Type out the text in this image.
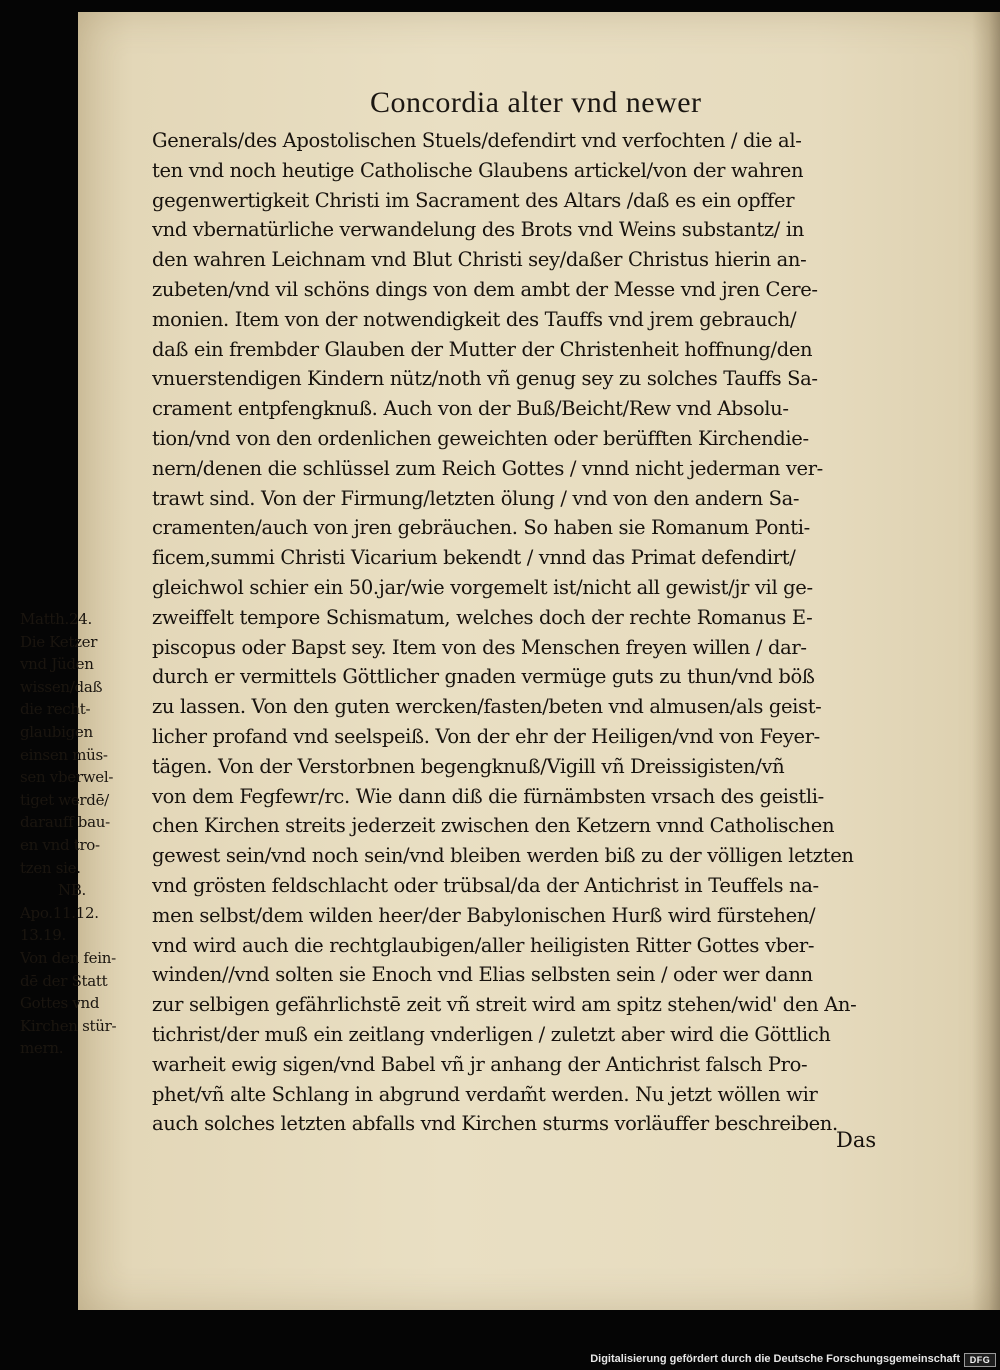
Concordia alter vnd newer
Generals/des Apostolischen Stuels/defendirt vnd verfochten / die al-
ten vnd noch heutige Catholische Glaubens artickel/von der wahren
gegenwertigkeit Christi im Sacrament des Altars /daß es ein opffer
vnd vbernatürliche verwandelung des Brots vnd Weins substantz/ in
den wahren Leichnam vnd Blut Christi sey/daßer Christus hierin an-
zubeten/vnd vil schöns dings von dem ambt der Messe vnd jren Cere-
monien. Item von der notwendigkeit des Tauffs vnd jrem gebrauch/
daß ein frembder Glauben der Mutter der Christenheit hoffnung/den
vnuerstendigen Kindern nütz/noth vñ genug sey zu solches Tauffs Sa-
crament entpfengknuß. Auch von der Buß/Beicht/Rew vnd Absolu-
tion/vnd von den ordenlichen geweichten oder berüfften Kirchendie-
nern/denen die schlüssel zum Reich Gottes / vnnd nicht jederman ver-
trawt sind. Von der Firmung/letzten ölung / vnd von den andern Sa-
cramenten/auch von jren gebräuchen. So haben sie Romanum Ponti-
ficem,summi Christi Vicarium bekendt / vnnd das Primat defendirt/
gleichwol schier ein 50.jar/wie vorgemelt ist/nicht all gewist/jr vil ge-
zweiffelt tempore Schismatum, welches doch der rechte Romanus E-
piscopus oder Bapst sey. Item von des Menschen freyen willen / dar-
durch er vermittels Göttlicher gnaden vermüge guts zu thun/vnd böß
zu lassen. Von den guten wercken/fasten/beten vnd almusen/als geist-
licher profand vnd seelspeiß. Von der ehr der Heiligen/vnd von Feyer-
tägen. Von der Verstorbnen begengknuß/Vigill vñ Dreissigisten/vñ
von dem Fegfewr/rc. Wie dann diß die fürnämbsten vrsach des geistli-
chen Kirchen streits jederzeit zwischen den Ketzern vnnd Catholischen
gewest sein/vnd noch sein/vnd bleiben werden biß zu der völligen letzten
vnd grösten feldschlacht oder trübsal/da der Antichrist in Teuffels na-
men selbst/dem wilden heer/der Babylonischen Hurß wird fürstehen/
vnd wird auch die rechtglaubigen/aller heiligisten Ritter Gottes vber-
winden//vnd solten sie Enoch vnd Elias selbsten sein / oder wer dann
zur selbigen gefährlichstē zeit vñ streit wird am spitz stehen/wid' den An-
tichrist/der muß ein zeitlang vnderligen / zuletzt aber wird die Göttlich
warheit ewig sigen/vnd Babel vñ jr anhang der Antichrist falsch Pro-
phet/vñ alte Schlang in abgrund verdam̃t werden. Nu jetzt wöllen wir
auch solches letzten abfalls vnd Kirchen sturms vorläuffer beschreiben.
Das
Matth.24.
Die Ketzer
vnd Jüden
wissen/daß
die recht-
glaubigen
einsen müs-
sen vberwel-
tiget werdē/
darauff bau-
en vnd tro-
tzen sie.
NB.
Apo.11.12.
13.19.
Von den fein-
dē der Statt
Gottes vnd
Kirchen stür-
mern.
Digitalisierung gefördert durch die Deutsche Forschungsgemeinschaft	DFG
